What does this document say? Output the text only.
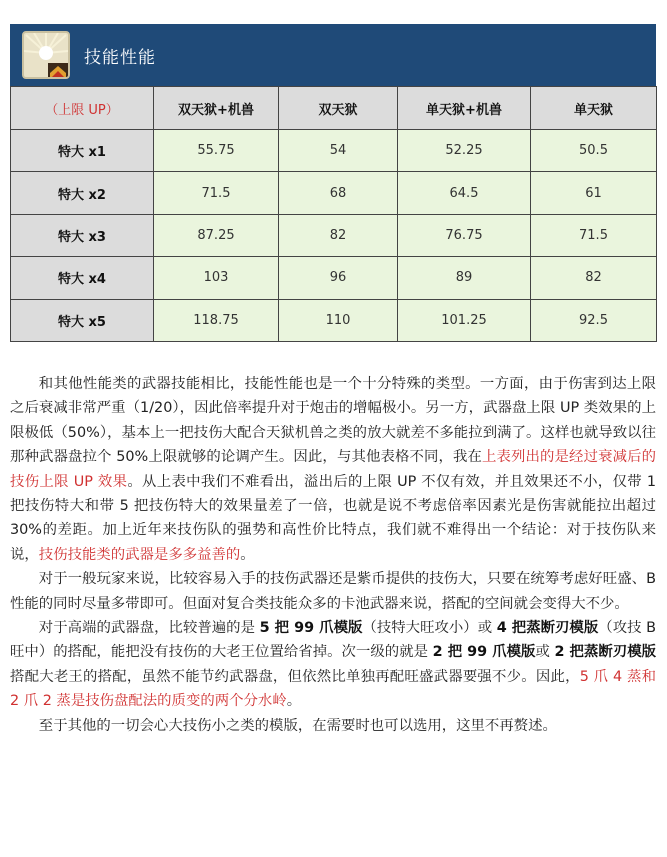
技能性能
（上限 UP）	双天狱+机兽	双天狱	单天狱+机兽	单天狱
特大 x1	55.75	54	52.25	50.5
特大 x2	71.5	68	64.5	61
特大 x3	87.25	82	76.75	71.5
特大 x4	103	96	89	82
特大 x5	118.75	110	101.25	92.5

和其他性能类的武器技能相比，技能性能也是一个十分特殊的类型。一方面，由于伤害到达上限之后衰减非常严重（1/20），因此倍率提升对于炮击的增幅极小。另一方，武器盘上限 UP 类效果的上限极低（50%），基本上一把技伤大配合天狱机兽之类的放大就差不多能拉到满了。这样也就导致以往那种武器盘拉个 50%上限就够的论调产生。因此，与其他表格不同，我在上表列出的是经过衰减后的技伤上限 UP 效果。从上表中我们不难看出，溢出后的上限 UP 不仅有效，并且效果还不小，仅带 1 把技伤特大和带 5 把技伤特大的效果量差了一倍，也就是说不考虑倍率因素光是伤害就能拉出超过 30%的差距。加上近年来技伤队的强势和高性价比特点，我们就不难得出一个结论：对于技伤队来说，技伤技能类的武器是多多益善的。

对于一般玩家来说，比较容易入手的技伤武器还是紫币提供的技伤大，只要在统筹考虑好旺盛、B 性能的同时尽量多带即可。但面对复合类技能众多的卡池武器来说，搭配的空间就会变得大不少。

对于高端的武器盘，比较普遍的是 5 把 99 爪模版（技特大旺攻小）或 4 把蒸断刃模版（攻技 B 旺中）的搭配，能把没有技伤的大老王位置给省掉。次一级的就是 2 把 99 爪模版或 2 把蒸断刃模版搭配大老王的搭配，虽然不能节约武器盘，但依然比单独再配旺盛武器要强不少。因此，5 爪 4 蒸和 2 爪 2 蒸是技伤盘配法的质变的两个分水岭。

至于其他的一切会心大技伤小之类的模版，在需要时也可以选用，这里不再赘述。
